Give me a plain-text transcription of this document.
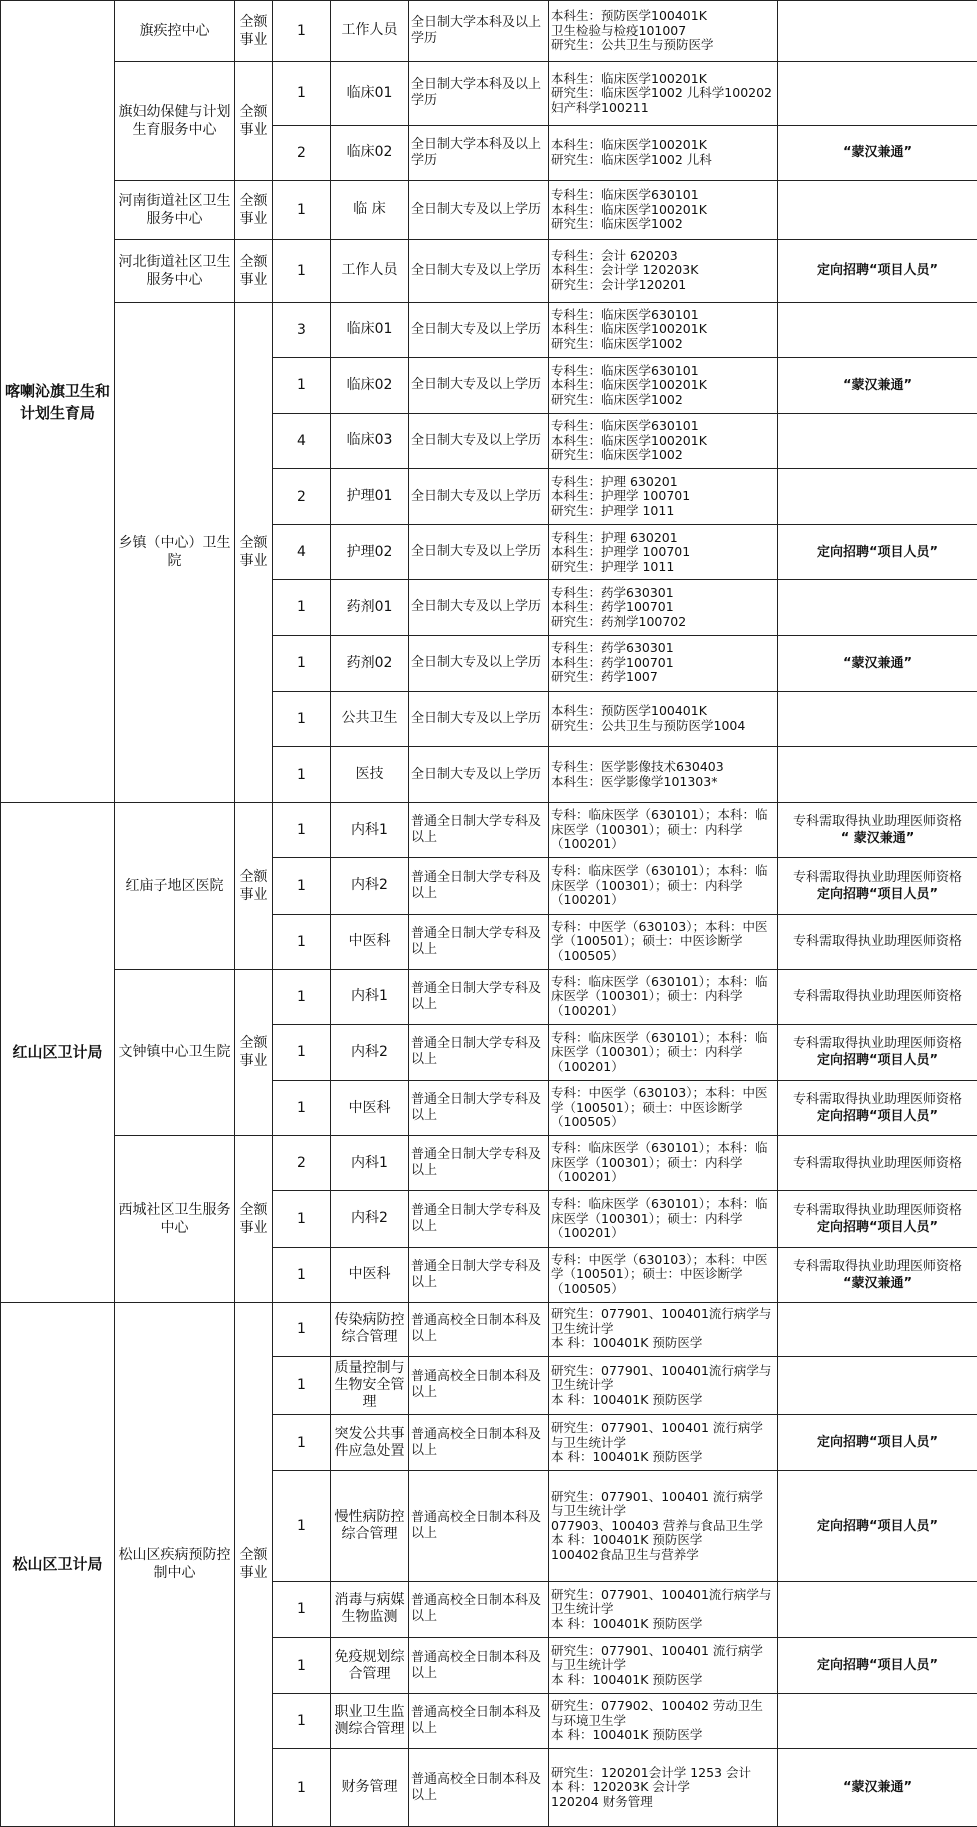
喀喇沁旗卫生和计划生育局	旗疾控中心	全额事业	1	工作人员	全日制大学本科及以上学历	本科生：预防医学100401K
卫生检验与检疫101007
研究生：公共卫生与预防医学	
	旗妇幼保健与计划生育服务中心	全额事业	1	临床01	全日制大学本科及以上学历	本科生：临床医学100201K
研究生：临床医学1002 儿科学100202 妇产科学100211	
			2	临床02	全日制大学本科及以上学历	本科生：临床医学100201K
研究生：临床医学1002 儿科	“蒙汉兼通”
	河南街道社区卫生服务中心	全额事业	1	临 床	全日制大专及以上学历	专科生：临床医学630101
本科生：临床医学100201K
研究生：临床医学1002	
	河北街道社区卫生服务中心	全额事业	1	工作人员	全日制大专及以上学历	专科生：会计 620203
本科生：会计学 120203K
研究生：会计学120201	定向招聘“项目人员”
	乡镇（中心）卫生院	全额事业	3	临床01	全日制大专及以上学历	专科生：临床医学630101
本科生：临床医学100201K
研究生：临床医学1002	
			1	临床02	全日制大专及以上学历	专科生：临床医学630101
本科生：临床医学100201K
研究生：临床医学1002	“蒙汉兼通”
			4	临床03	全日制大专及以上学历	专科生：临床医学630101
本科生：临床医学100201K
研究生：临床医学1002	
			2	护理01	全日制大专及以上学历	专科生：护理 630201
本科生：护理学 100701
研究生：护理学 1011	
			4	护理02	全日制大专及以上学历	专科生：护理 630201
本科生：护理学 100701
研究生：护理学 1011	定向招聘“项目人员”
			1	药剂01	全日制大专及以上学历	专科生：药学630301
本科生：药学100701
研究生：药剂学100702	
			1	药剂02	全日制大专及以上学历	专科生：药学630301
本科生：药学100701
研究生：药学1007	“蒙汉兼通”
			1	公共卫生	全日制大专及以上学历	本科生：预防医学100401K
研究生：公共卫生与预防医学1004	
			1	医技	全日制大专及以上学历	专科生：医学影像技术630403
本科生：医学影像学101303*	
红山区卫计局	红庙子地区医院	全额事业	1	内科1	普通全日制大学专科及以上	专科：临床医学（630101）；本科：临床医学（100301）；硕士：内科学（100201）	专科需取得执业助理医师资格
“ 蒙汉兼通”
			1	内科2	普通全日制大学专科及以上	专科：临床医学（630101）；本科：临床医学（100301）；硕士：内科学（100201）	专科需取得执业助理医师资格
定向招聘“项目人员”
			1	中医科	普通全日制大学专科及以上	专科：中医学（630103）；本科：中医学（100501）；硕士：中医诊断学（100505）	专科需取得执业助理医师资格
	文钟镇中心卫生院	全额事业	1	内科1	普通全日制大学专科及以上	专科：临床医学（630101）；本科：临床医学（100301）；硕士：内科学（100201）	专科需取得执业助理医师资格
			1	内科2	普通全日制大学专科及以上	专科：临床医学（630101）；本科：临床医学（100301）；硕士：内科学（100201）	专科需取得执业助理医师资格
定向招聘“项目人员”
			1	中医科	普通全日制大学专科及以上	专科：中医学（630103）；本科：中医学（100501）；硕士：中医诊断学（100505）	专科需取得执业助理医师资格
定向招聘“项目人员”
	西城社区卫生服务中心	全额事业	2	内科1	普通全日制大学专科及以上	专科：临床医学（630101）；本科：临床医学（100301）；硕士：内科学（100201）	专科需取得执业助理医师资格
			1	内科2	普通全日制大学专科及以上	专科：临床医学（630101）；本科：临床医学（100301）；硕士：内科学（100201）	专科需取得执业助理医师资格
定向招聘“项目人员”
			1	中医科	普通全日制大学专科及以上	专科：中医学（630103）；本科：中医学（100501）；硕士：中医诊断学（100505）	专科需取得执业助理医师资格
“蒙汉兼通”
松山区卫计局	松山区疾病预防控制中心	全额事业	1	传染病防控综合管理	普通高校全日制本科及以上	研究生：077901、100401流行病学与卫生统计学
本 科：100401K 预防医学	
			1	质量控制与生物安全管理	普通高校全日制本科及以上	研究生：077901、100401流行病学与卫生统计学
本 科：100401K 预防医学	
			1	突发公共事件应急处置	普通高校全日制本科及以上	研究生：077901、100401 流行病学与卫生统计学
本 科：100401K 预防医学	定向招聘“项目人员”
			1	慢性病防控综合管理	普通高校全日制本科及以上	研究生：077901、100401 流行病学与卫生统计学
077903、100403 营养与食品卫生学
本 科：100401K 预防医学
100402食品卫生与营养学	定向招聘“项目人员”
			1	消毒与病媒生物监测	普通高校全日制本科及以上	研究生：077901、100401流行病学与卫生统计学
本 科：100401K 预防医学	
			1	免疫规划综合管理	普通高校全日制本科及以上	研究生：077901、100401 流行病学与卫生统计学
本 科：100401K 预防医学	定向招聘“项目人员”
			1	职业卫生监测综合管理	普通高校全日制本科及以上	研究生：077902、100402 劳动卫生与环境卫生学
本 科：100401K 预防医学	
			1	财务管理	普通高校全日制本科及以上	研究生：120201会计学 1253 会计
本 科：120203K 会计学
120204 财务管理	“蒙汉兼通”
